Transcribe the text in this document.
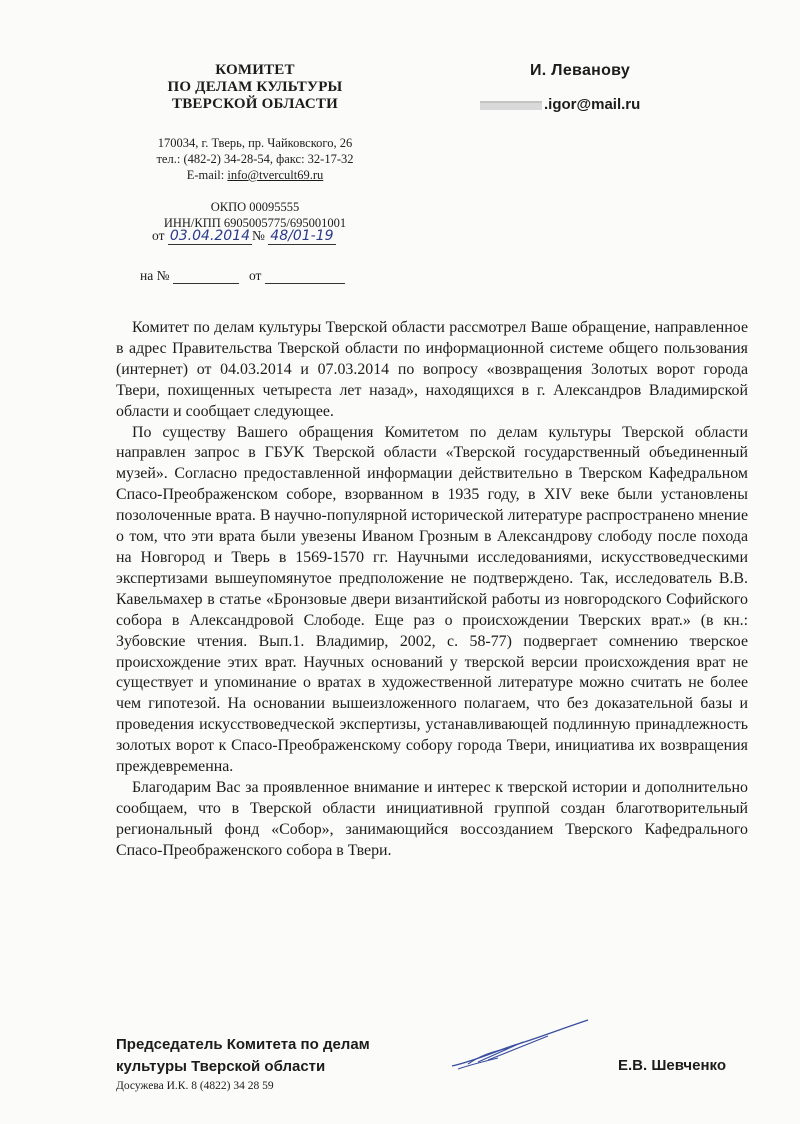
КОМИТЕТ
ПО ДЕЛАМ КУЛЬТУРЫ
ТВЕРСКОЙ ОБЛАСТИ
170034, г. Тверь, пр. Чайковского, 26
тел.: (482-2) 34-28-54, факс: 32-17-32
E-mail: info@tvercult69.ru
ОКПО 00095555
ИНН/КПП 6905005775/695001001
от 03.04.2014 № 48/01-19
на №	от
И. Леванову
.igor@mail.ru

Комитет по делам культуры Тверской области рассмотрел Ваше обращение, направленное в адрес Правительства Тверской области по информационной системе общего пользования (интернет) от 04.03.2014 и 07.03.2014 по вопросу «возвращения Золотых ворот города Твери, похищенных четыреста лет назад», находящихся в г. Александров Владимирской области и сообщает следующее.

По существу Вашего обращения Комитетом по делам культуры Тверской области направлен запрос в ГБУК Тверской области «Тверской государственный объединенный музей». Согласно предоставленной информации действительно в Тверском Кафедральном Спасо-Преображенском соборе, взорванном в 1935 году, в XIV веке были установлены позолоченные врата. В научно-популярной исторической литературе распространено мнение о том, что эти врата были увезены Иваном Грозным в Александрову слободу после похода на Новгород и Тверь в 1569-1570 гг. Научными исследованиями, искусствоведческими экспертизами вышеупомянутое предположение не подтверждено. Так, исследователь В.В. Кавельмахер в статье «Бронзовые двери византийской работы из новгородского Софийского собора в Александровой Слободе. Еще раз о происхождении Тверских врат.» (в кн.: Зубовские чтения. Вып.1. Владимир, 2002, с. 58-77) подвергает сомнению тверское происхождение этих врат. Научных оснований у тверской версии происхождения врат не существует и упоминание о вратах в художественной литературе можно считать не более чем гипотезой. На основании вышеизложенного полагаем, что без доказательной базы и проведения искусствоведческой экспертизы, устанавливающей подлинную принадлежность золотых ворот к Спасо-Преображенскому собору города Твери, инициатива их возвращения преждевременна.

Благодарим Вас за проявленное внимание и интерес к тверской истории и дополнительно сообщаем, что в Тверской области инициативной группой создан благотворительный региональный фонд «Собор», занимающийся воссозданием Тверского Кафедрального Спасо-Преображенского собора в Твери.

Председатель Комитета по делам
культуры Тверской области
Досужева И.К. 8 (4822) 34 28 59
Е.В. Шевченко
